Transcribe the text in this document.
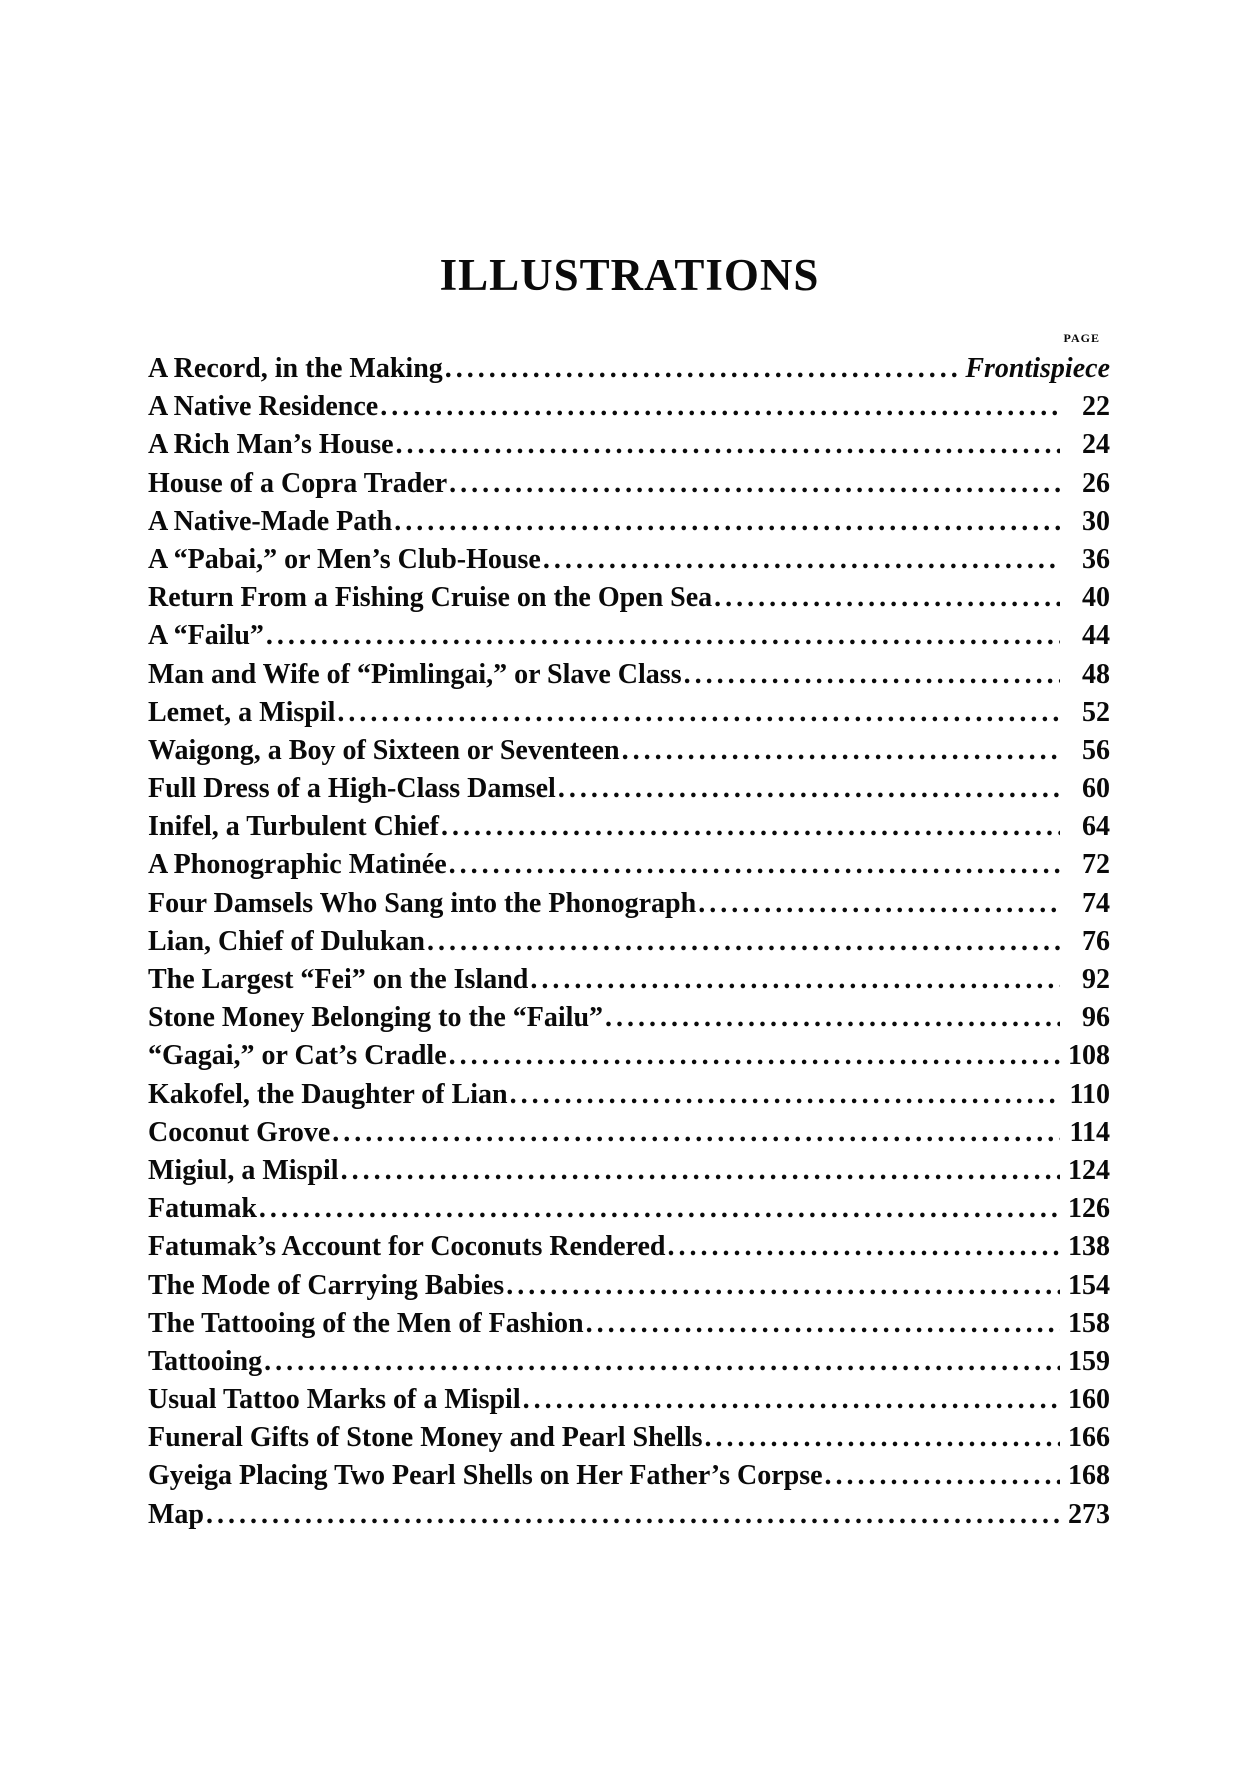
ILLUSTRATIONS
PAGE
A Record, in the Making .....	Frontispiece
A Native Residence .....	22
A Rich Man’s House .....	24
House of a Copra Trader .....	26
A Native-Made Path .....	30
A “Pabai,” or Men’s Club-House .....	36
Return From a Fishing Cruise on the Open Sea .....	40
A “Failu” .....	44
Man and Wife of “Pimlingai,” or Slave Class .....	48
Lemet, a Mispil .....	52
Waigong, a Boy of Sixteen or Seventeen .....	56
Full Dress of a High-Class Damsel .....	60
Inifel, a Turbulent Chief .....	64
A Phonographic Matinée .....	72
Four Damsels Who Sang into the Phonograph .....	74
Lian, Chief of Dulukan .....	76
The Largest “Fei” on the Island .....	92
Stone Money Belonging to the “Failu” .....	96
“Gagai,” or Cat’s Cradle .....	108
Kakofel, the Daughter of Lian .....	110
Coconut Grove .....	114
Migiul, a Mispil .....	124
Fatumak .....	126
Fatumak’s Account for Coconuts Rendered .....	138
The Mode of Carrying Babies .....	154
The Tattooing of the Men of Fashion .....	158
Tattooing .....	159
Usual Tattoo Marks of a Mispil .....	160
Funeral Gifts of Stone Money and Pearl Shells .....	166
Gyeiga Placing Two Pearl Shells on Her Father’s Corpse .....	168
Map .....	273
